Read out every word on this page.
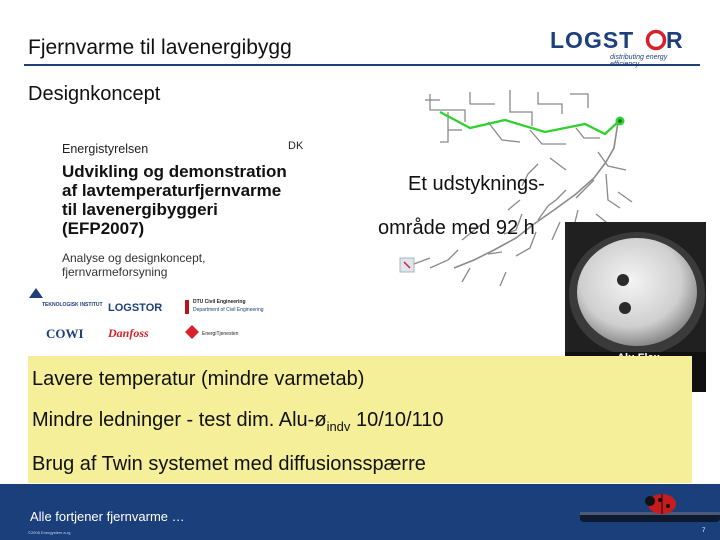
Fjernvarme til lavenergibygg
Designkoncept
LOGST R
distributing energy efficiency
Energistyrelsen	DK
Udvikling og demonstration
af lavtemperaturfjernvarme
til lavenergibyggeri
(EFP2007)
Analyse og designkoncept,
fjernvarmeforsyning
TEKNOLOGISK INSTITUT LOGSTOR	DTU Civil Engineering
Department of Civil Engineering
COWI Danfoss	EnergiTjenesten
Et udstyknings-
område med 92 h
Lavere temperatur (mindre varmetab)
Mindre ledninger - test dim. Alu-$ø_{indv}$ 10/10/110
Brug af Twin systemet med diffusionsspærre
Alle fortjener fjernvarme …
©2008 Energystem a-rg	7
